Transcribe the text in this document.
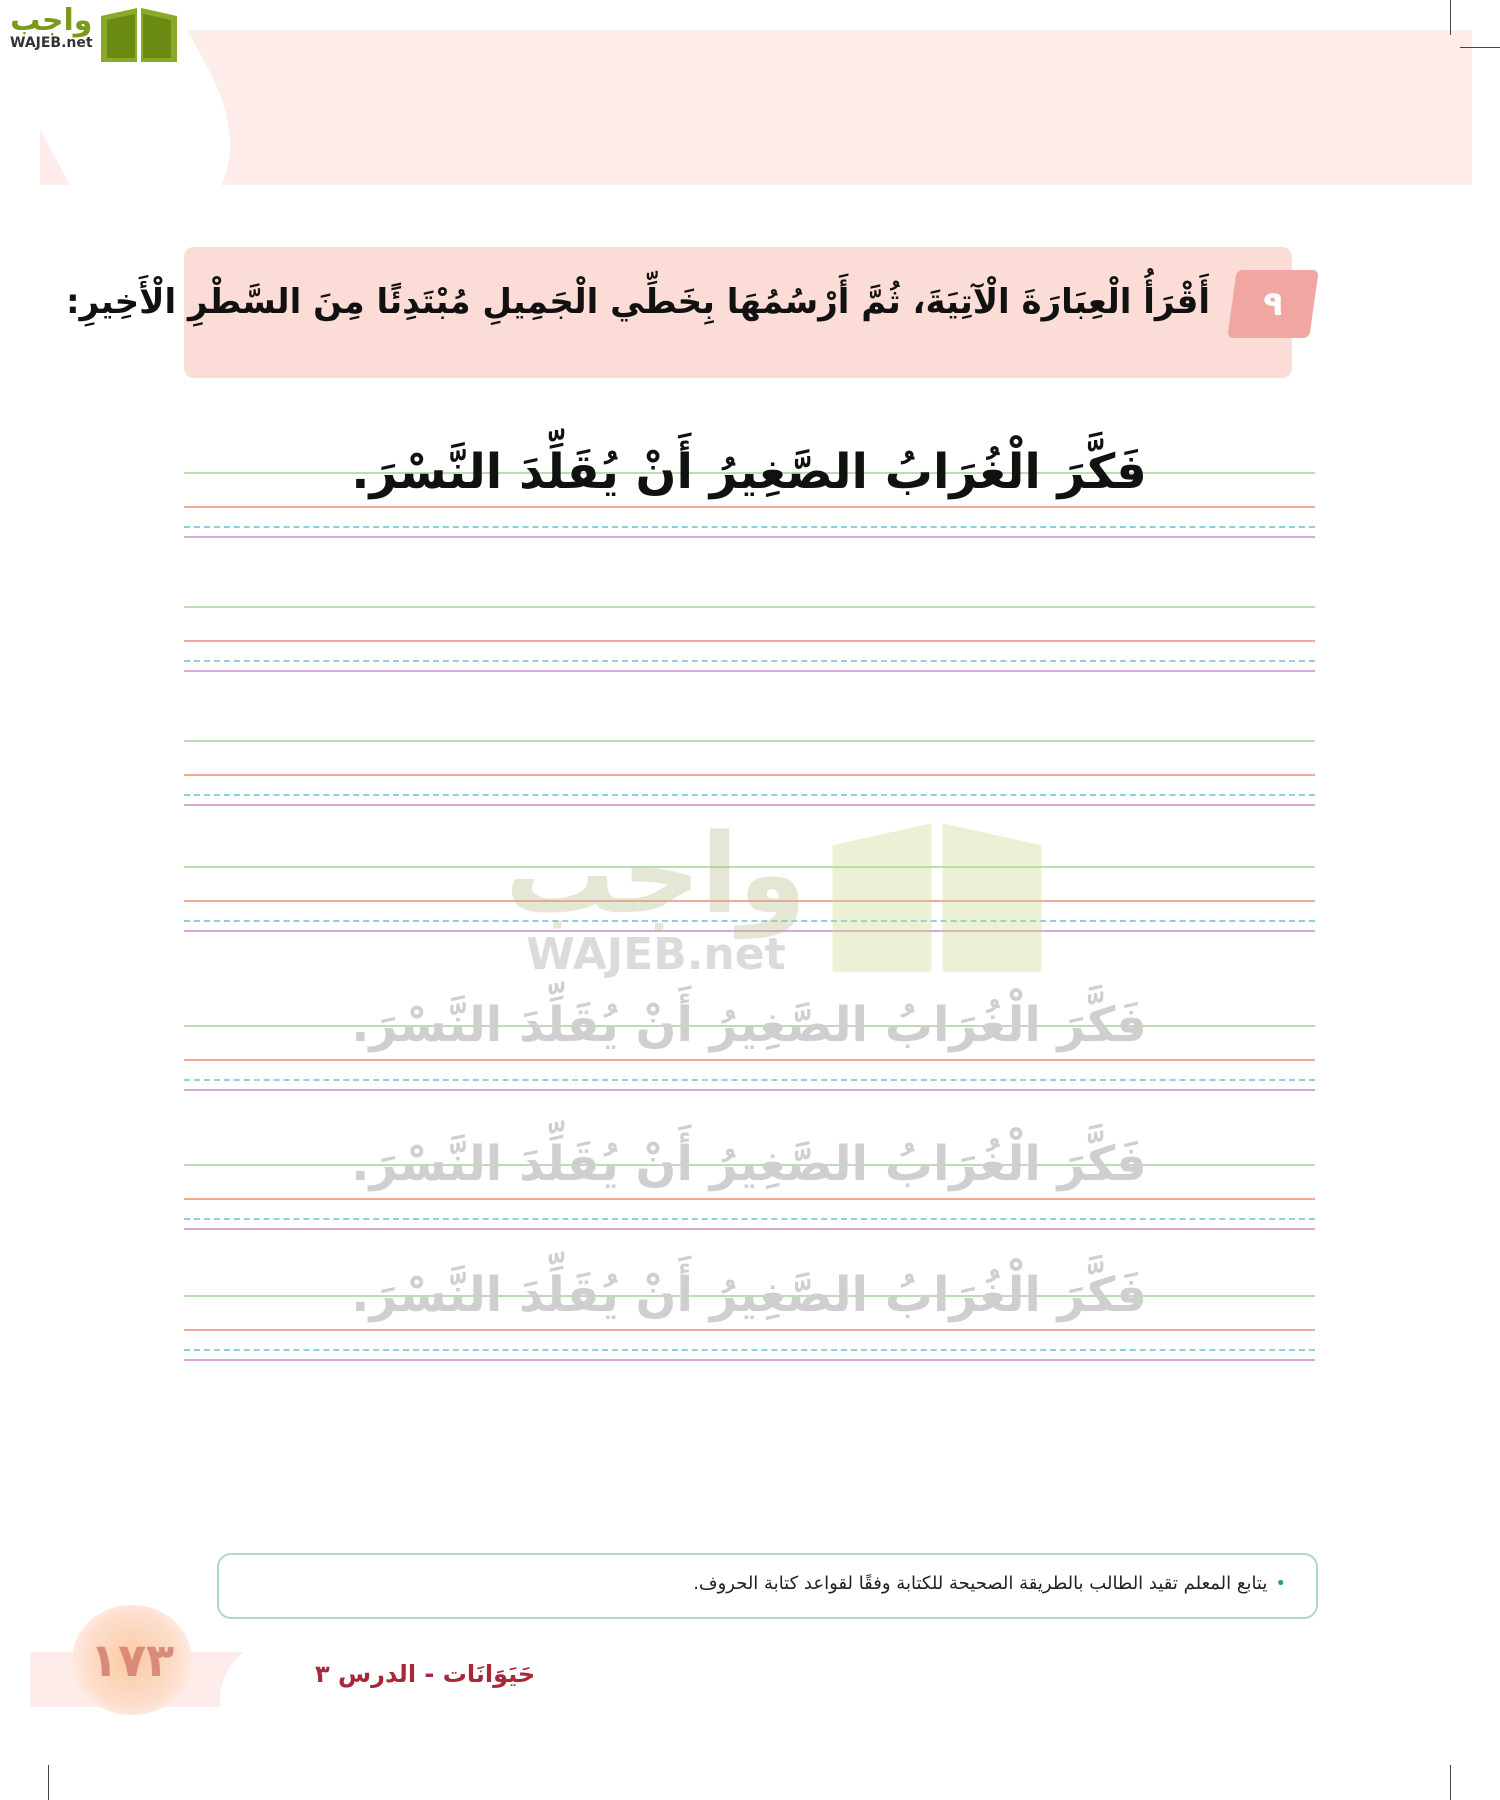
واجب
WAJEB.net
٩
أَقْرَأُ الْعِبَارَةَ الْآتِيَةَ، ثُمَّ أَرْسُمُهَا بِخَطِّي الْجَمِيلِ مُبْتَدِئًا مِنَ السَّطْرِ الْأَخِيرِ:
فَكَّرَ الْغُرَابُ الصَّغِيرُ أَنْ يُقَلِّدَ النَّسْرَ.
واجب
WAJEB.net
فَكَّرَ الْغُرَابُ الصَّغِيرُ أَنْ يُقَلِّدَ النَّسْرَ.
فَكَّرَ الْغُرَابُ الصَّغِيرُ أَنْ يُقَلِّدَ النَّسْرَ.
فَكَّرَ الْغُرَابُ الصَّغِيرُ أَنْ يُقَلِّدَ النَّسْرَ.
•يتابع المعلم تقيد الطالب بالطريقة الصحيحة للكتابة وفقًا لقواعد كتابة الحروف.
١٧٣	حَيَوَانَات - الدرس ٣
